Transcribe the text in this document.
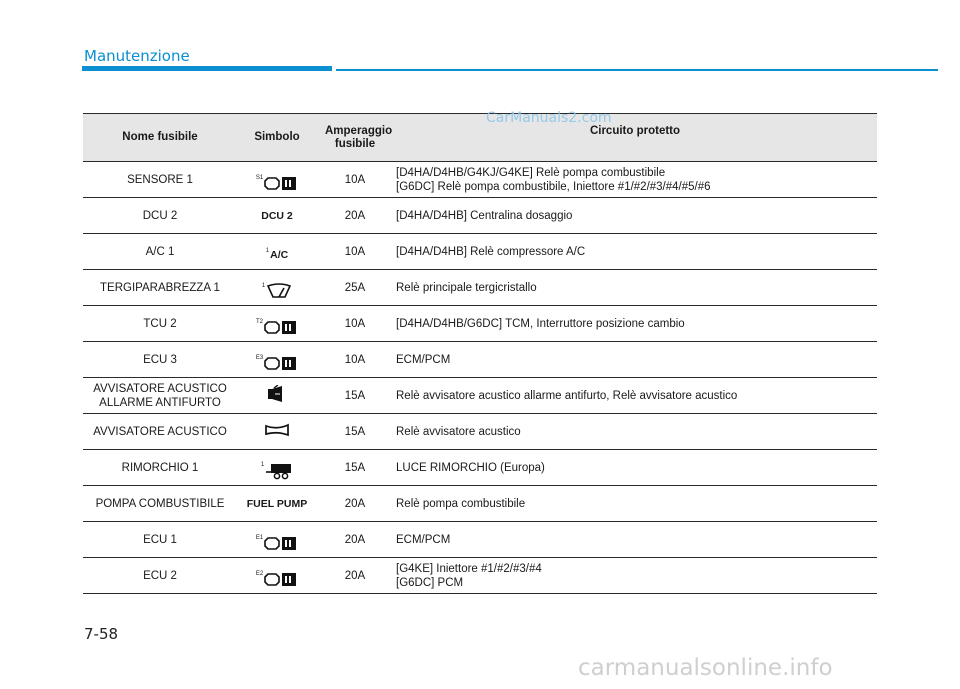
Manutenzione
Nome fusibile	Simbolo	Amperaggio fusibile	Circuito protetto
SENSORE 1	S1	10A	[D4HA/D4HB/G4KJ/G4KE] Relè pompa combustibile
[G6DC] Relè pompa combustibile, Iniettore #1/#2/#3/#4/#5/#6

DCU 2	DCU 2	20A	[D4HA/D4HB] Centralina dosaggio

A/C 1	1 A/C	10A	[D4HA/D4HB] Relè compressore A/C

TERGIPARABREZZA 1	1	25A	Relè principale tergicristallo

TCU 2	T2	10A	[D4HA/D4HB/G6DC] TCM, Interruttore posizione cambio

ECU 3	E3	10A	ECM/PCM

AVVISATORE ACUSTICO ALLARME ANTIFURTO		15A	Relè avvisatore acustico allarme antifurto, Relè avvisatore acustico

AVVISATORE ACUSTICO		15A	Relè avvisatore acustico

RIMORCHIO 1	1	15A	LUCE RIMORCHIO (Europa)

POMPA COMBUSTIBILE	FUEL PUMP	20A	Relè pompa combustibile

ECU 1	E1	20A	ECM/PCM

ECU 2	E2	20A	[G4KE] Iniettore #1/#2/#3/#4
[G6DC] PCM
CarManuals2.com
7-58
carmanualsonline.info
